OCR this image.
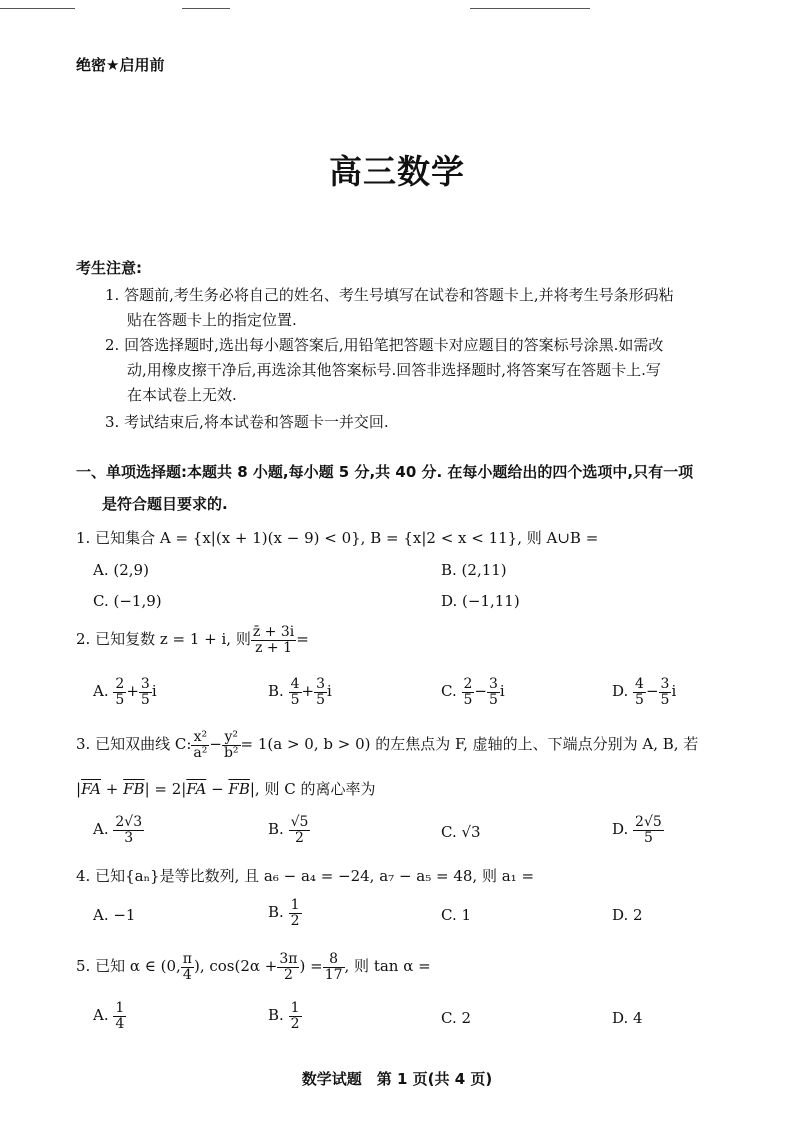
绝密★启用前
高三数学
考生注意:
1. 答题前,考生务必将自己的姓名、考生号填写在试卷和答题卡上,并将考生号条形码粘
贴在答题卡上的指定位置.
2. 回答选择题时,选出每小题答案后,用铅笔把答题卡对应题目的答案标号涂黑.如需改
动,用橡皮擦干净后,再选涂其他答案标号.回答非选择题时,将答案写在答题卡上.写
在本试卷上无效.
3. 考试结束后,将本试卷和答题卡一并交回.
一、单项选择题:本题共 8 小题,每小题 5 分,共 40 分. 在每小题给出的四个选项中,只有一项
是符合题目要求的.
1. 已知集合 A = {x|(x + 1)(x − 9) < 0}, B = {x|2 < x < 11}, 则 A∪B =
A. (2,9)	B. (2,11)
C. (−1,9)	D. (−1,11)
2. 已知复数 z = 1 + i, 则 $\frac{z̄ + 3i}{z + 1}$ =
A. $\frac{2}{5} + \frac{3}{5}$ i	B. $\frac{4}{5} + \frac{3}{5}$ i	C. $\frac{2}{5} - \frac{3}{5}$ i	D. $\frac{4}{5} - \frac{3}{5}$ i
3. 已知双曲线 C: $\frac{\text{x²}}{\text{a²}} - \frac{\text{y²}}{\text{b²}} = 1(a > 0$, b > 0) 的左焦点为 F, 虚轴的上、下端点分别为 A, B, 若
$|\overline{FA} + \overline{FB}| = 2|\overline{FA} - \overline{FB}|$, 则 C 的离心率为
A. $\frac{2√3}{3}$	B. $\frac{√5}{2}$	C. √3	D. $\frac{2√5}{5}$
4. 已知{aₙ}是等比数列, 且 a₆ − a₄ = −24, a₇ − a₅ = 48, 则 a₁ =
A. −1	B. $\frac{1}{2}$	C. 1	D. 2
5. 已知 α ∈ (0, $\frac{\pi}{4}$ ), $\cos(2\alpha + \frac{3\pi}{2}$ ) = $\frac{8}{17}$ , 则 tan α =
A. $\frac{1}{4}$	B. $\frac{1}{2}$	C. 2	D. 4
数学试题　第 1 页(共 4 页)
